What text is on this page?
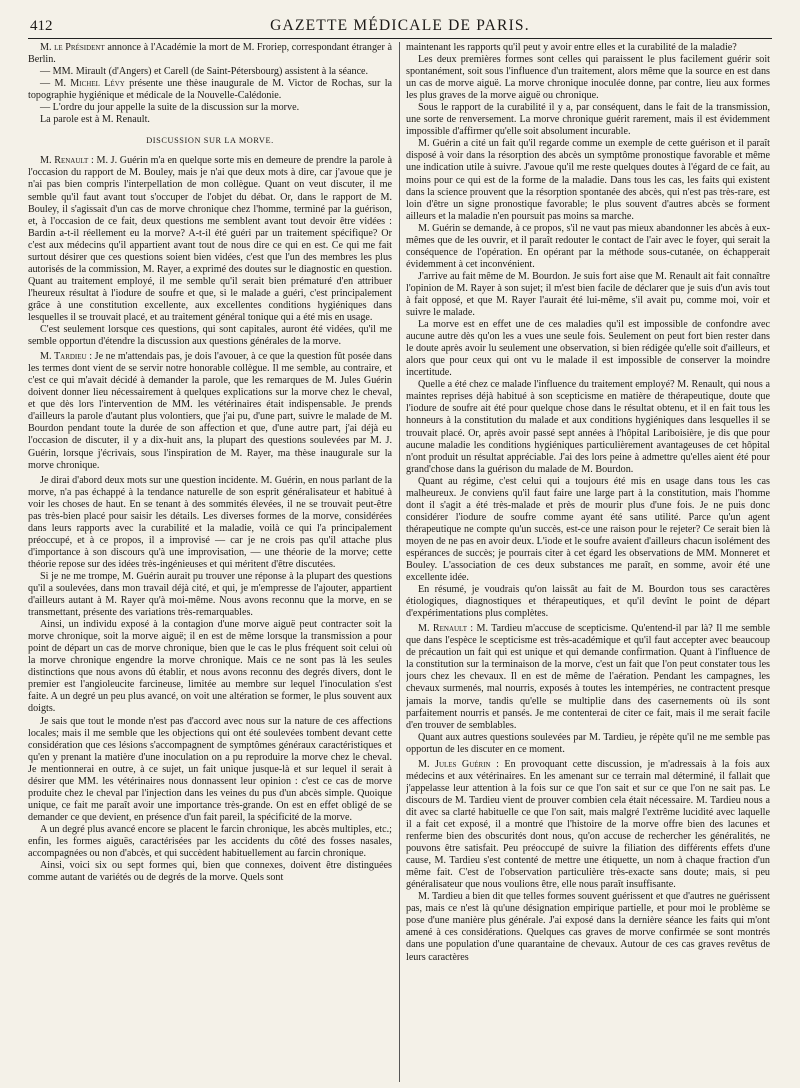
412	GAZETTE MÉDICALE DE PARIS.

M. le Président annonce à l'Académie la mort de M. Froriep, correspondant étranger à Berlin.

— MM. Mirault (d'Angers) et Carell (de Saint-Pétersbourg) assistent à la séance.

— M. Michel Lévy présente une thèse inaugurale de M. Victor de Rochas, sur la topographie hygiénique et médicale de la Nouvelle-Calédonie.

— L'ordre du jour appelle la suite de la discussion sur la morve.

La parole est à M. Renault.

DISCUSSION SUR LA MORVE.

M. Renault : M. J. Guérin m'a en quelque sorte mis en demeure de prendre la parole à l'occasion du rapport de M. Bouley, mais je n'ai que deux mots à dire, car j'avoue que je n'ai pas bien compris l'interpellation de mon collègue. Quant on veut discuter, il me semble qu'il faut avant tout s'occuper de l'objet du débat. Or, dans le rapport de M. Bouley, il s'agissait d'un cas de morve chronique chez l'homme, terminé par la guérison, et, à l'occasion de ce fait, deux questions me semblent avant tout devoir être vidées : Bardin a-t-il réellement eu la morve? A-t-il été guéri par un traitement spécifique? Or c'est aux médecins qu'il appartient avant tout de nous dire ce qui en est. Ce qui me fait surtout désirer que ces questions soient bien vidées, c'est que l'un des membres les plus autorisés de la commission, M. Rayer, a exprimé des doutes sur le diagnostic en question. Quant au traitement employé, il me semble qu'il serait bien prématuré d'en attribuer l'heureux résultat à l'iodure de soufre et que, si le malade a guéri, c'est principalement grâce à une constitution excellente, aux excellentes conditions hygiéniques dans lesquelles il se trouvait placé, et au traitement général tonique qui a été mis en usage.

C'est seulement lorsque ces questions, qui sont capitales, auront été vidées, qu'il me semble opportun d'étendre la discussion aux questions générales de la morve.

M. Tardieu : Je ne m'attendais pas, je dois l'avouer, à ce que la question fût posée dans les termes dont vient de se servir notre honorable collègue. Il me semble, au contraire, et c'est ce qui m'avait décidé à demander la parole, que les remarques de M. Jules Guérin doivent donner lieu nécessairement à quelques explications sur la morve chez le cheval, et que dès lors l'intervention de MM. les vétérinaires était indispensable. Je prends d'ailleurs la parole d'autant plus volontiers, que j'ai pu, d'une part, suivre le malade de M. Bourdon pendant toute la durée de son affection et que, d'une autre part, j'ai déjà eu l'occasion de discuter, il y a dix-huit ans, la plupart des questions soulevées par M. J. Guérin, lorsque j'écrivais, sous l'inspiration de M. Rayer, ma thèse inaugurale sur la morve chronique.

Je dirai d'abord deux mots sur une question incidente. M. Guérin, en nous parlant de la morve, n'a pas échappé à la tendance naturelle de son esprit généralisateur et habitué à voir les choses de haut. En se tenant à des sommités élevées, il ne se trouvait peut-être pas très-bien placé pour saisir les détails. Les diverses formes de la morve, considérées dans leurs rapports avec la curabilité et la maladie, voilà ce qui l'a principalement préoccupé, et à ce propos, il a improvisé — car je ne crois pas qu'il attache plus d'importance à son discours qu'à une improvisation, — une théorie de la morve; cette théorie repose sur des idées très-ingénieuses et qui méritent d'être discutées.

Si je ne me trompe, M. Guérin aurait pu trouver une réponse à la plupart des questions qu'il a soulevées, dans mon travail déjà cité, et qui, je m'empresse de l'ajouter, appartient d'ailleurs autant à M. Rayer qu'à moi-même. Nous avons reconnu que la morve, en se transmettant, présente des variations très-remarquables.

Ainsi, un individu exposé à la contagion d'une morve aiguë peut contracter soit la morve chronique, soit la morve aiguë; il en est de même lorsque la transmission a pour point de départ un cas de morve chronique, bien que le cas le plus fréquent soit celui où la morve chronique engendre la morve chronique. Mais ce ne sont pas là les seules distinctions que nous avons dû établir, et nous avons reconnu des degrés divers, dont le premier est l'angioleucite farcineuse, limitée au membre sur lequel l'inoculation s'est faite. A un degré un peu plus avancé, on voit une altération se former, le plus souvent aux doigts.

Je sais que tout le monde n'est pas d'accord avec nous sur la nature de ces affections locales; mais il me semble que les objections qui ont été soulevées tombent devant cette considération que ces lésions s'accompagnent de symptômes généraux caractéristiques et qu'en y prenant la matière d'une inoculation on a pu reproduire la morve chez le cheval. Je mentionnerai en outre, à ce sujet, un fait unique jusque-là et sur lequel il serait à désirer que MM. les vétérinaires nous donnassent leur opinion : c'est ce cas de morve produite chez le cheval par l'injection dans les veines du pus d'un abcès simple. Quoique unique, ce fait me paraît avoir une importance très-grande. On est en effet obligé de se demander ce que devient, en présence d'un fait pareil, la spécificité de la morve.

A un degré plus avancé encore se placent le farcin chronique, les abcès multiples, etc.; enfin, les formes aiguës, caractérisées par les accidents du côté des fosses nasales, accompagnées ou non d'abcès, et qui succèdent habituellement au farcin chronique.

Ainsi, voici six ou sept formes qui, bien que connexes, doivent être distinguées comme autant de variétés ou de degrés de la morve. Quels sont

maintenant les rapports qu'il peut y avoir entre elles et la curabilité de la maladie?

Les deux premières formes sont celles qui paraissent le plus facilement guérir soit spontanément, soit sous l'influence d'un traitement, alors même que la source en est dans un cas de morve aiguë. La morve chronique inoculée donne, par contre, lieu aux formes les plus graves de la morve aiguë ou chronique.

Sous le rapport de la curabilité il y a, par conséquent, dans le fait de la transmission, une sorte de renversement. La morve chronique guérit rarement, mais il est évidemment impossible d'affirmer qu'elle soit absolument incurable.

M. Guérin a cité un fait qu'il regarde comme un exemple de cette guérison et il paraît disposé à voir dans la résorption des abcès un symptôme pronostique favorable et même une indication utile à suivre. J'avoue qu'il me reste quelques doutes à l'égard de ce fait, au moins pour ce qui est de la forme de la maladie. Dans tous les cas, les faits qui existent dans la science prouvent que la résorption spontanée des abcès, qui n'est pas très-rare, est loin d'être un signe pronostique favorable; le plus souvent d'autres abcès se forment ailleurs et la maladie n'en poursuit pas moins sa marche.

M. Guérin se demande, à ce propos, s'il ne vaut pas mieux abandonner les abcès à eux-mêmes que de les ouvrir, et il paraît redouter le contact de l'air avec le foyer, qui serait la conséquence de l'opération. En opérant par la méthode sous-cutanée, on échapperait évidemment à cet inconvénient.

J'arrive au fait même de M. Bourdon. Je suis fort aise que M. Renault ait fait connaître l'opinion de M. Rayer à son sujet; il m'est bien facile de déclarer que je suis d'un avis tout à fait opposé, et que M. Rayer l'aurait été lui-même, s'il avait pu, comme moi, voir et suivre le malade.

La morve est en effet une de ces maladies qu'il est impossible de confondre avec aucune autre dès qu'on les a vues une seule fois. Seulement on peut fort bien rester dans le doute après avoir lu seulement une observation, si bien rédigée qu'elle soit d'ailleurs, et alors que pour ceux qui ont vu le malade il est impossible de conserver la moindre incertitude.

Quelle a été chez ce malade l'influence du traitement employé? M. Renault, qui nous a maintes reprises déjà habitué à son scepticisme en matière de thérapeutique, doute que l'iodure de soufre ait été pour quelque chose dans le résultat obtenu, et il en fait tous les honneurs à la constitution du malade et aux conditions hygiéniques dans lesquelles il se trouvait placé. Or, après avoir passé sept années à l'hôpital Lariboisière, je dis que pour aucune maladie les conditions hygiéniques particulièrement avantageuses de cet hôpital n'ont produit un résultat appréciable. J'ai des lors peine à admettre qu'elles aient été pour grand'chose dans la guérison du malade de M. Bourdon.

Quant au régime, c'est celui qui a toujours été mis en usage dans tous les cas malheureux. Je conviens qu'il faut faire une large part à la constitution, mais l'homme dont il s'agit a été très-malade et près de mourir plus d'une fois. Je ne puis donc considérer l'iodure de soufre comme ayant été sans utilité. Parce qu'un agent thérapeutique ne compte qu'un succès, est-ce une raison pour le rejeter? Ce serait bien là moyen de ne pas en avoir deux. L'iode et le soufre avaient d'ailleurs chacun isolément des espérances de succès; je pourrais citer à cet égard les observations de MM. Monneret et Bouley. L'association de ces deux substances me paraît, en somme, avoir été une excellente idée.

En résumé, je voudrais qu'on laissât au fait de M. Bourdon tous ses caractères étiologiques, diagnostiques et thérapeutiques, et qu'il devînt le point de départ d'expérimentations plus complètes.

M. Renault : M. Tardieu m'accuse de scepticisme. Qu'entend-il par là? Il me semble que dans l'espèce le scepticisme est très-académique et qu'il faut accepter avec beaucoup de précaution un fait qui est unique et qui demande confirmation. Quant à l'influence de la constitution sur la terminaison de la morve, c'est un fait que l'on peut constater tous les jours chez les chevaux. Il en est de même de l'aération. Pendant les campagnes, les chevaux surmenés, mal nourris, exposés à toutes les intempéries, ne contractent presque jamais la morve, tandis qu'elle se multiplie dans des casernements où ils sont parfaitement nourris et pansés. Je me contenterai de citer ce fait, mais il me serait facile d'en trouver de semblables.

Quant aux autres questions soulevées par M. Tardieu, je répète qu'il ne me semble pas opportun de les discuter en ce moment.

M. Jules Guérin : En provoquant cette discussion, je m'adressais à la fois aux médecins et aux vétérinaires. En les amenant sur ce terrain mal déterminé, il fallait que j'appelasse leur attention à la fois sur ce que l'on sait et sur ce que l'on ne sait pas. Le discours de M. Tardieu vient de prouver combien cela était nécessaire. M. Tardieu nous a dit avec sa clarté habituelle ce que l'on sait, mais malgré l'extrême lucidité avec laquelle il a fait cet exposé, il a montré que l'histoire de la morve offre bien des lacunes et renferme bien des obscurités dont nous, qu'on accuse de rechercher les généralités, ne pouvons être satisfait. Peu préoccupé de suivre la filiation des différents effets d'une cause, M. Tardieu s'est contenté de mettre une étiquette, un nom à chaque fraction d'un même fait. C'est de l'observation particulière très-exacte sans doute; mais, si peu généralisateur que nous voulions être, elle nous paraît insuffisante.

M. Tardieu a bien dit que telles formes souvent guérissent et que d'autres ne guérissent pas, mais ce n'est là qu'une désignation empirique partielle, et pour moi le problème se pose d'une manière plus générale. J'ai exposé dans la dernière séance les faits qui m'ont amené à ces considérations. Quelques cas graves de morve confirmée se sont montrés dans une population d'une quarantaine de chevaux. Autour de ces cas graves revêtus de leurs caractères
